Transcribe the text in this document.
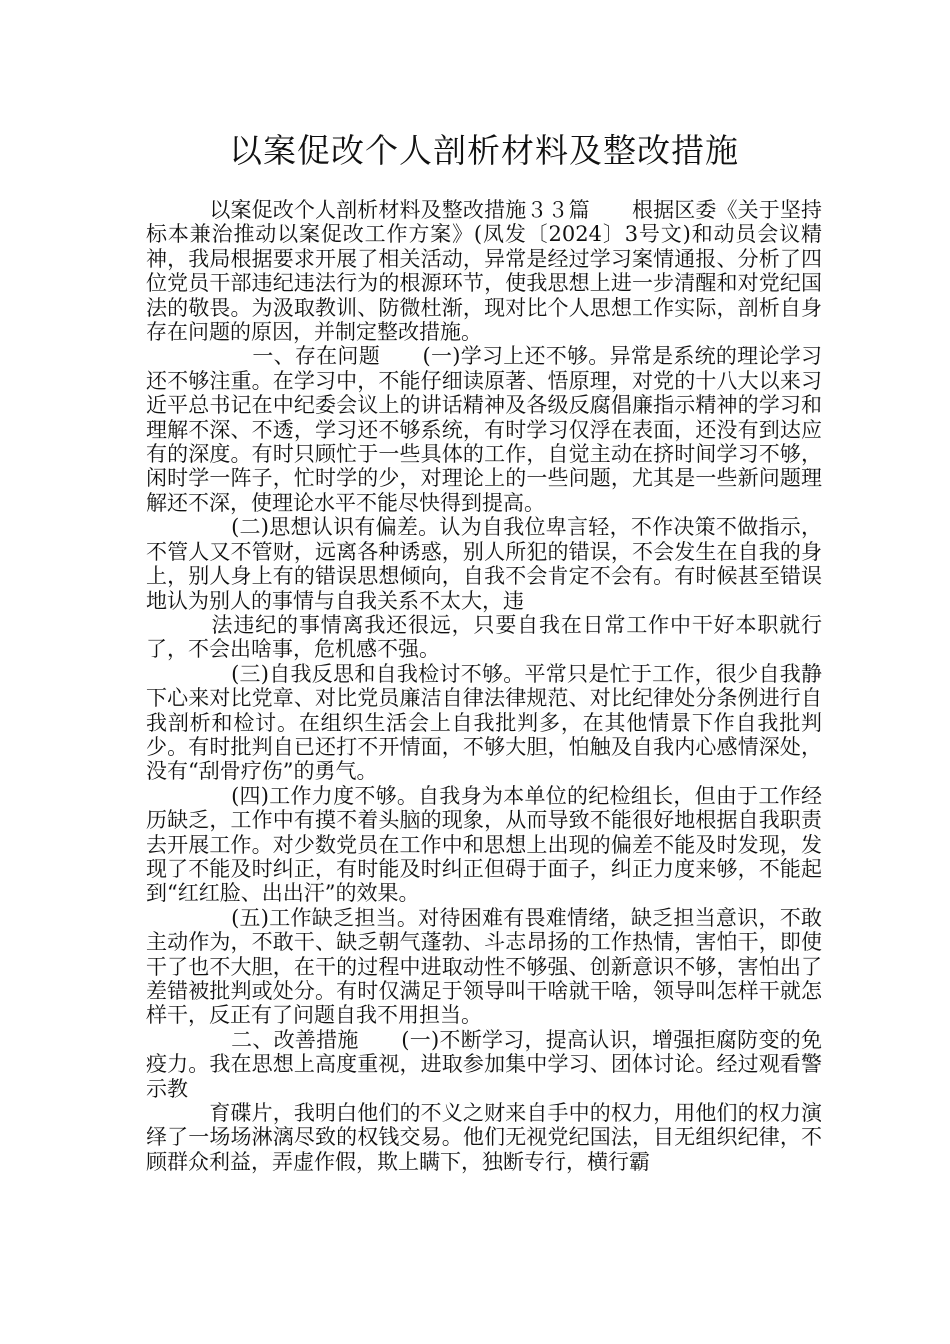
以案促改个人剖析材料及整改措施

　　　以案促改个人剖析材料及整改措施３３篇　　根据区委《关于坚持标本兼治推动以案促改工作方案》(凤发〔2024〕3号文)和动员会议精神，我局根据要求开展了相关活动，异常是经过学习案情通报、分析了四位党员干部违纪违法行为的根源环节，使我思想上进一步清醒和对党纪国法的敬畏。为汲取教训、防微杜渐，现对比个人思想工作实际，剖析自身存在问题的原因，并制定整改措施。

　　　　　一、存在问题　　(一)学习上还不够。异常是系统的理论学习还不够注重。在学习中，不能仔细读原著、悟原理，对党的十八大以来习近平总书记在中纪委会议上的讲话精神及各级反腐倡廉指示精神的学习和理解不深、不透，学习还不够系统，有时学习仅浮在表面，还没有到达应有的深度。有时只顾忙于一些具体的工作，自觉主动在挤时间学习不够，闲时学一阵子，忙时学的少，对理论上的一些问题，尤其是一些新问题理解还不深，使理论水平不能尽快得到提高。

　　　　(二)思想认识有偏差。认为自我位卑言轻，不作决策不做指示，不管人又不管财，远离各种诱惑，别人所犯的错误，不会发生在自我的身上，别人身上有的错误思想倾向，自我不会肯定不会有。有时候甚至错误地认为别人的事情与自我关系不太大，违

　　　法违纪的事情离我还很远，只要自我在日常工作中干好本职就行了，不会出啥事，危机感不强。

　　　　(三)自我反思和自我检讨不够。平常只是忙于工作，很少自我静下心来对比党章、对比党员廉洁自律法律规范、对比纪律处分条例进行自我剖析和检讨。在组织生活会上自我批判多，在其他情景下作自我批判少。有时批判自已还打不开情面，不够大胆，怕触及自我内心感情深处，没有“刮骨疗伤”的勇气。

　　　　(四)工作力度不够。自我身为本单位的纪检组长，但由于工作经历缺乏，工作中有摸不着头脑的现象，从而导致不能很好地根据自我职责去开展工作。对少数党员在工作中和思想上出现的偏差不能及时发现，发现了不能及时纠正，有时能及时纠正但碍于面子，纠正力度来够，不能起到“红红脸、出出汗”的效果。

　　　　(五)工作缺乏担当。对待困难有畏难情绪，缺乏担当意识，不敢主动作为，不敢干、缺乏朝气蓬勃、斗志昂扬的工作热情，害怕干，即使干了也不大胆，在干的过程中进取动性不够强、创新意识不够，害怕出了差错被批判或处分。有时仅满足于领导叫干啥就干啥，领导叫怎样干就怎样干，反正有了问题自我不用担当。

　　　　二、改善措施　　(一)不断学习，提高认识，增强拒腐防变的免疫力。我在思想上高度重视，进取参加集中学习、团体讨论。经过观看警示教

　　　育碟片，我明白他们的不义之财来自手中的权力，用他们的权力演绎了一场场淋漓尽致的权钱交易。他们无视党纪国法，目无组织纪律，不顾群众利益，弄虚作假，欺上瞒下，独断专行，横行霸
